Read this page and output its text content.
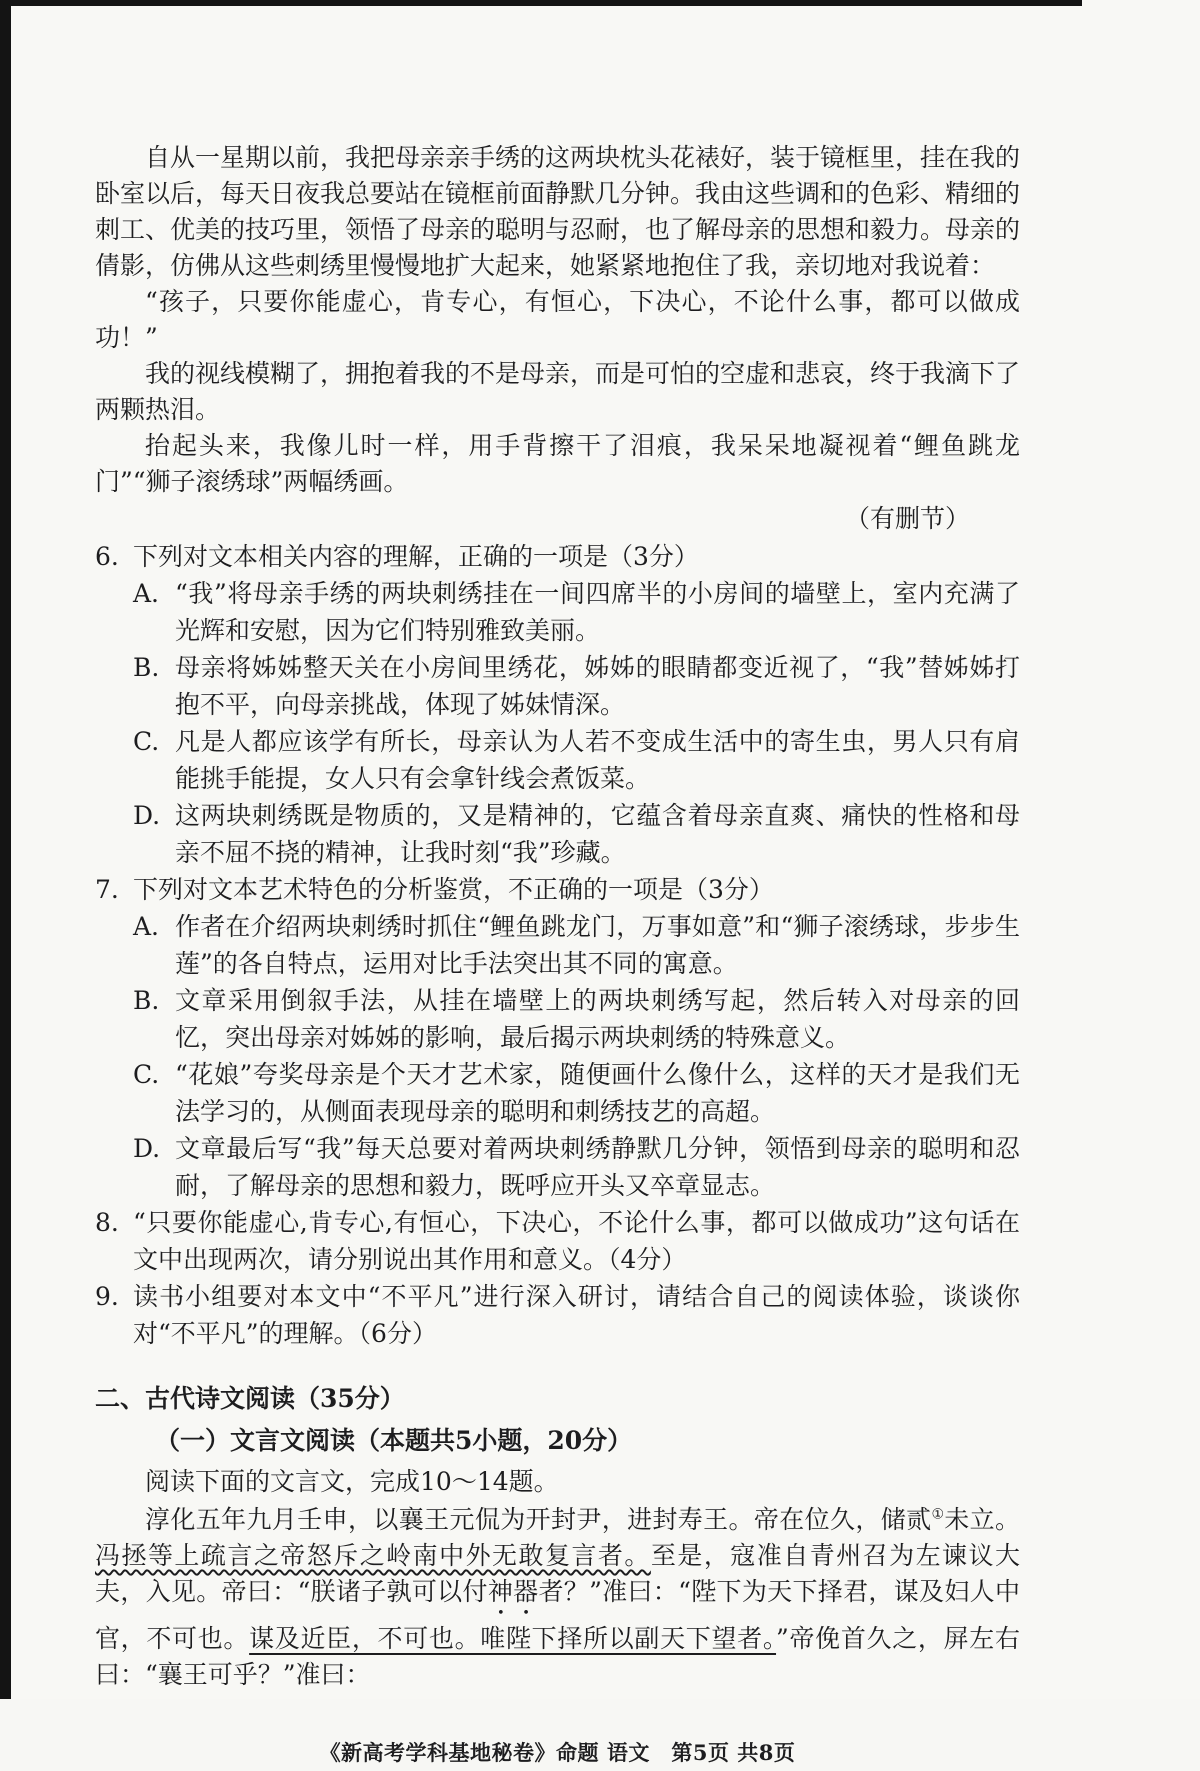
自从一星期以前，我把母亲亲手绣的这两块枕头花裱好，装于镜框里，挂在我的卧室以后，每天日夜我总要站在镜框前面静默几分钟。我由这些调和的色彩、精细的刺工、优美的技巧里，领悟了母亲的聪明与忍耐，也了解母亲的思想和毅力。母亲的倩影，仿佛从这些刺绣里慢慢地扩大起来，她紧紧地抱住了我，亲切地对我说着：

“孩子，只要你能虚心，肯专心，有恒心，下决心，不论什么事，都可以做成功！”

我的视线模糊了，拥抱着我的不是母亲，而是可怕的空虚和悲哀，终于我滴下了两颗热泪。

抬起头来，我像儿时一样，用手背擦干了泪痕，我呆呆地凝视着“鲤鱼跳龙门”“狮子滚绣球”两幅绣画。

（有删节）
6. 下列对文本相关内容的理解，正确的一项是（3分）
A. “我”将母亲手绣的两块刺绣挂在一间四席半的小房间的墙壁上，室内充满了光辉和安慰，因为它们特别雅致美丽。
B. 母亲将姊姊整天关在小房间里绣花，姊姊的眼睛都变近视了，“我”替姊姊打抱不平，向母亲挑战，体现了姊妹情深。
C. 凡是人都应该学有所长，母亲认为人若不变成生活中的寄生虫，男人只有肩能挑手能提，女人只有会拿针线会煮饭菜。
D. 这两块刺绣既是物质的，又是精神的，它蕴含着母亲直爽、痛快的性格和母亲不屈不挠的精神，让我时刻“我”珍藏。
7. 下列对文本艺术特色的分析鉴赏，不正确的一项是（3分）
A. 作者在介绍两块刺绣时抓住“鲤鱼跳龙门，万事如意”和“狮子滚绣球，步步生莲”的各自特点，运用对比手法突出其不同的寓意。
B. 文章采用倒叙手法，从挂在墙壁上的两块刺绣写起，然后转入对母亲的回忆，突出母亲对姊姊的影响，最后揭示两块刺绣的特殊意义。
C. “花娘”夸奖母亲是个天才艺术家，随便画什么像什么，这样的天才是我们无法学习的，从侧面表现母亲的聪明和刺绣技艺的高超。
D. 文章最后写“我”每天总要对着两块刺绣静默几分钟，领悟到母亲的聪明和忍耐，了解母亲的思想和毅力，既呼应开头又卒章显志。
8. “只要你能虚心,肯专心,有恒心，下决心，不论什么事，都可以做成功”这句话在文中出现两次，请分别说出其作用和意义。（4分）
9. 读书小组要对本文中“不平凡”进行深入研讨，请结合自己的阅读体验，谈谈你对“不平凡”的理解。（6分）
二、古代诗文阅读（35分）
（一）文言文阅读（本题共5小题，20分）

阅读下面的文言文，完成10～14题。

淳化五年九月壬申，以襄王元侃为开封尹，进封寿王。帝在位久，储贰①未立。冯拯等上疏言之帝怒斥之岭南中外无敢复言者。至是，寇准自青州召为左谏议大夫，入见。帝曰：“朕诸子孰可以付神器者？”准曰：“陛下为天下择君，谋及妇人中官，不可也。谋及近臣，不可也。唯陛下择所以副天下望者。”帝俛首久之，屏左右曰：“襄王可乎？”准曰：

《新高考学科基地秘卷》命题 语文　第5页 共8页
